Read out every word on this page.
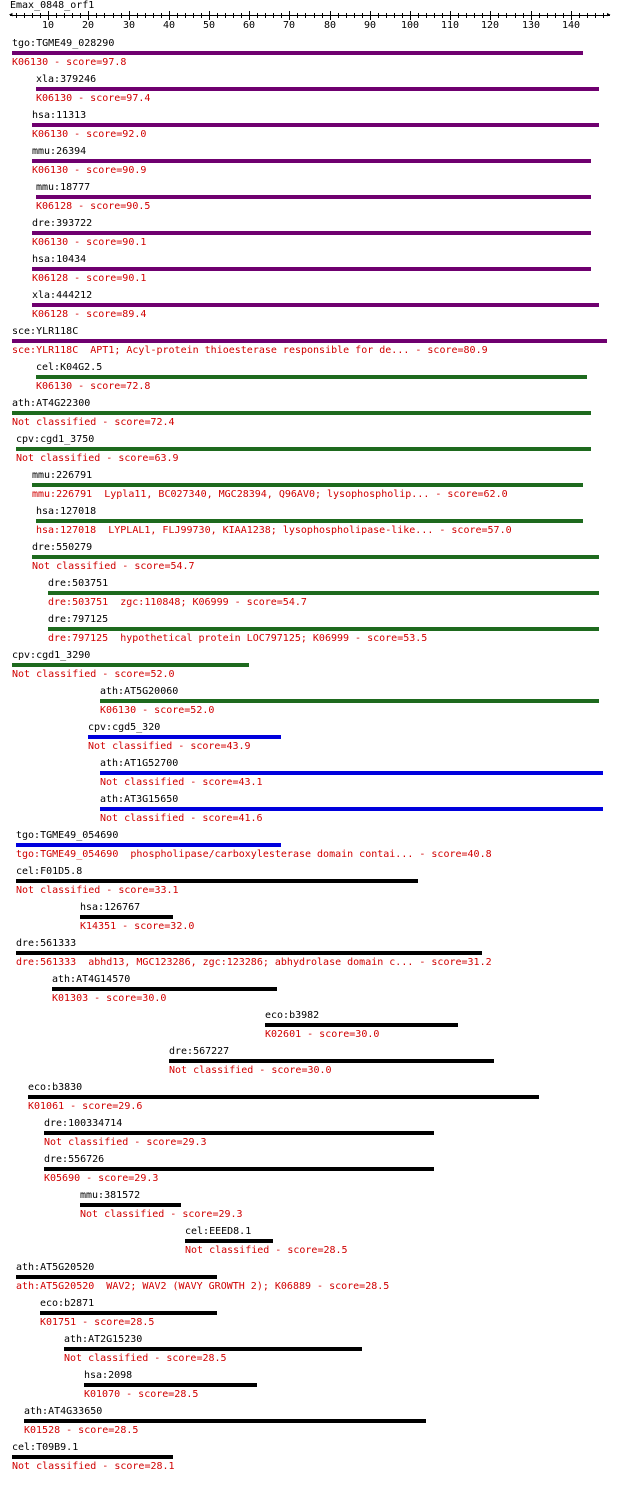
Emax_0848_orf1
◂	▸
10	20	30	40	50	60	70	80	90 100 110 120 130 140
tgo:TGME49_028290
K06130 - score=97.8
xla:379246
K06130 - score=97.4
hsa:11313
K06130 - score=92.0
mmu:26394
K06130 - score=90.9
mmu:18777
K06128 - score=90.5
dre:393722
K06130 - score=90.1
hsa:10434
K06128 - score=90.1
xla:444212
K06128 - score=89.4
sce:YLR118C
sce:YLR118C  APT1; Acyl-protein thioesterase responsible for de... - score=80.9
cel:K04G2.5
K06130 - score=72.8
ath:AT4G22300
Not classified - score=72.4
cpv:cgd1_3750
Not classified - score=63.9
mmu:226791
mmu:226791  Lypla11, BC027340, MGC28394, Q96AV0; lysophospholip... - score=62.0
hsa:127018
hsa:127018  LYPLAL1, FLJ99730, KIAA1238; lysophospholipase-like... - score=57.0
dre:550279
Not classified - score=54.7
dre:503751
dre:503751  zgc:110848; K06999 - score=54.7
dre:797125
dre:797125  hypothetical protein LOC797125; K06999 - score=53.5
cpv:cgd1_3290
Not classified - score=52.0
ath:AT5G20060
K06130 - score=52.0
cpv:cgd5_320
Not classified - score=43.9
ath:AT1G52700
Not classified - score=43.1
ath:AT3G15650
Not classified - score=41.6
tgo:TGME49_054690
tgo:TGME49_054690  phospholipase/carboxylesterase domain contai... - score=40.8
cel:F01D5.8
Not classified - score=33.1
hsa:126767
K14351 - score=32.0
dre:561333
dre:561333  abhd13, MGC123286, zgc:123286; abhydrolase domain c... - score=31.2
ath:AT4G14570
K01303 - score=30.0
eco:b3982
K02601 - score=30.0
dre:567227
Not classified - score=30.0
eco:b3830
K01061 - score=29.6
dre:100334714
Not classified - score=29.3
dre:556726
K05690 - score=29.3
mmu:381572
Not classified - score=29.3
cel:EEED8.1
Not classified - score=28.5
ath:AT5G20520
ath:AT5G20520  WAV2; WAV2 (WAVY GROWTH 2); K06889 - score=28.5
eco:b2871
K01751 - score=28.5
ath:AT2G15230
Not classified - score=28.5
hsa:2098
K01070 - score=28.5
ath:AT4G33650
K01528 - score=28.5
cel:T09B9.1
Not classified - score=28.1
